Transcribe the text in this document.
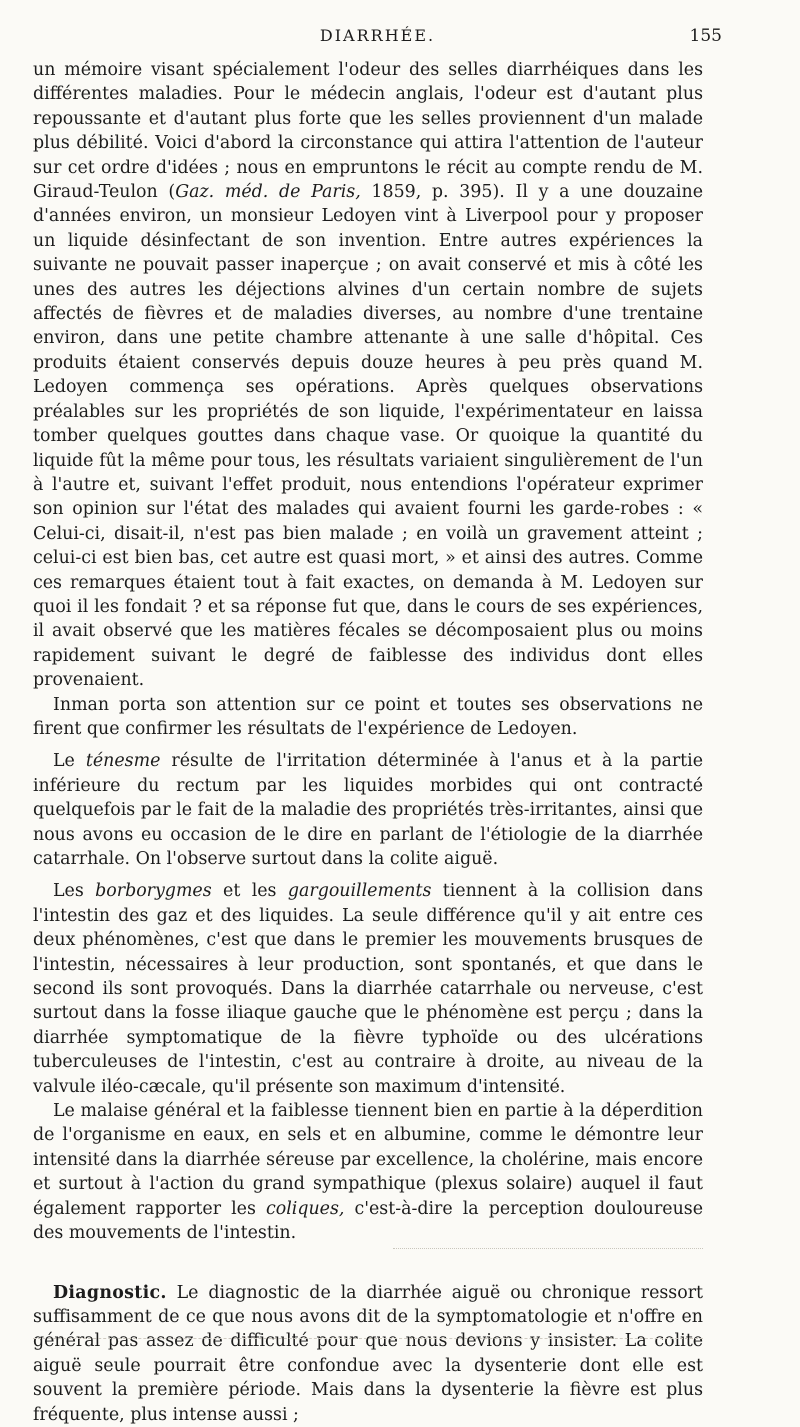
DIARRHÉE.	155

un mémoire visant spécialement l'odeur des selles diarrhéiques dans les différentes maladies. Pour le médecin anglais, l'odeur est d'autant plus repoussante et d'autant plus forte que les selles proviennent d'un malade plus débilité. Voici d'abord la circonstance qui attira l'attention de l'auteur sur cet ordre d'idées ; nous en empruntons le récit au compte rendu de M. Giraud-Teulon (Gaz. méd. de Paris, 1859, p. 395). Il y a une douzaine d'années environ, un monsieur Ledoyen vint à Liverpool pour y proposer un liquide désinfectant de son invention. Entre autres expériences la suivante ne pouvait passer inaperçue ; on avait conservé et mis à côté les unes des autres les déjections alvines d'un certain nombre de sujets affectés de fièvres et de maladies diverses, au nombre d'une trentaine environ, dans une petite chambre attenante à une salle d'hôpital. Ces produits étaient conservés depuis douze heures à peu près quand M. Ledoyen commença ses opérations. Après quelques observations préalables sur les propriétés de son liquide, l'expérimentateur en laissa tomber quelques gouttes dans chaque vase. Or quoique la quantité du liquide fût la même pour tous, les résultats variaient singulièrement de l'un à l'autre et, suivant l'effet produit, nous entendions l'opérateur exprimer son opinion sur l'état des malades qui avaient fourni les garde-robes : « Celui-ci, disait-il, n'est pas bien malade ; en voilà un gravement atteint ; celui-ci est bien bas, cet autre est quasi mort, » et ainsi des autres. Comme ces remarques étaient tout à fait exactes, on demanda à M. Ledoyen sur quoi il les fondait ? et sa réponse fut que, dans le cours de ses expériences, il avait observé que les matières fécales se décomposaient plus ou moins rapidement suivant le degré de faiblesse des individus dont elles provenaient.

Inman porta son attention sur ce point et toutes ses observations ne firent que confirmer les résultats de l'expérience de Ledoyen.

Le ténesme résulte de l'irritation déterminée à l'anus et à la partie inférieure du rectum par les liquides morbides qui ont contracté quelquefois par le fait de la maladie des propriétés très-irritantes, ainsi que nous avons eu occasion de le dire en parlant de l'étiologie de la diarrhée catarrhale. On l'observe surtout dans la colite aiguë.

Les borborygmes et les gargouillements tiennent à la collision dans l'intestin des gaz et des liquides. La seule différence qu'il y ait entre ces deux phénomènes, c'est que dans le premier les mouvements brusques de l'intestin, nécessaires à leur production, sont spontanés, et que dans le second ils sont provoqués. Dans la diarrhée catarrhale ou nerveuse, c'est surtout dans la fosse iliaque gauche que le phénomène est perçu ; dans la diarrhée symptomatique de la fièvre typhoïde ou des ulcérations tuberculeuses de l'intestin, c'est au contraire à droite, au niveau de la valvule iléo-cæcale, qu'il présente son maximum d'intensité.

Le malaise général et la faiblesse tiennent bien en partie à la déperdition de l'organisme en eaux, en sels et en albumine, comme le démontre leur intensité dans la diarrhée séreuse par excellence, la cholérine, mais encore et surtout à l'action du grand sympathique (plexus solaire) auquel il faut également rapporter les coliques, c'est-à-dire la perception douloureuse des mouvements de l'intestin.

Diagnostic. Le diagnostic de la diarrhée aiguë ou chronique ressort suffisamment de ce que nous avons dit de la symptomatologie et n'offre en général pas assez de difficulté pour que nous devions y insister. La colite aiguë seule pourrait être confondue avec la dysenterie dont elle est souvent la première période. Mais dans la dysenterie la fièvre est plus fréquente, plus intense aussi ;
